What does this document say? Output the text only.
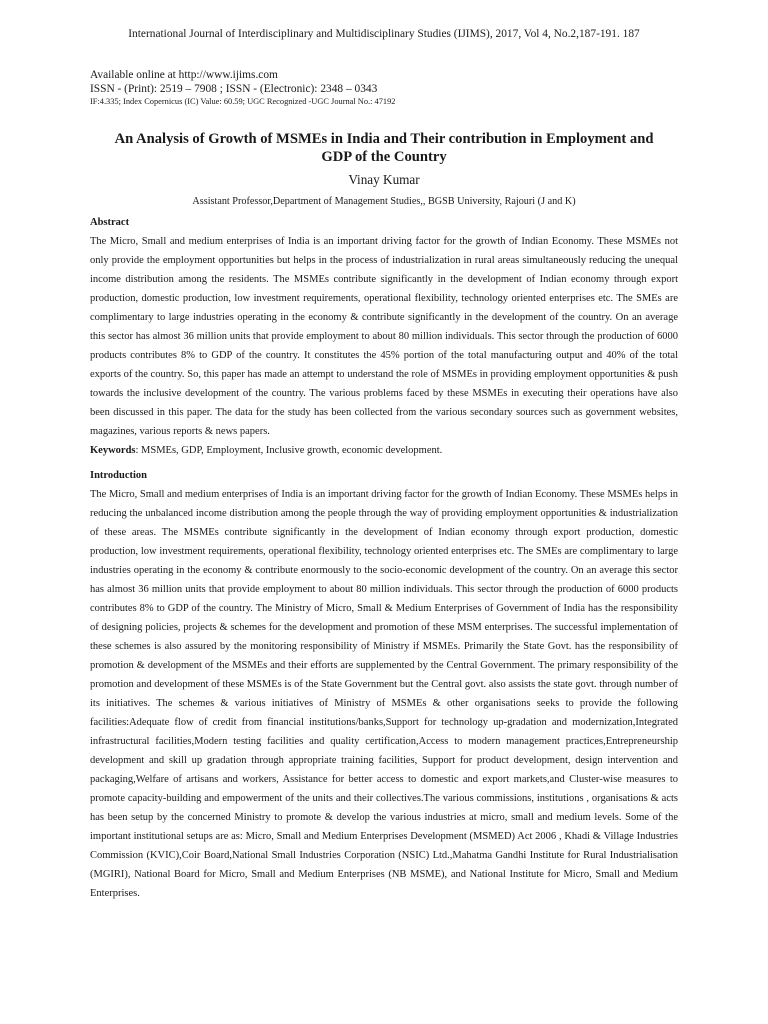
International Journal of Interdisciplinary and Multidisciplinary Studies (IJIMS), 2017, Vol 4, No.2,187-191. 187
Available online at http://www.ijims.com
ISSN - (Print): 2519 – 7908 ; ISSN - (Electronic): 2348 – 0343
IF:4.335; Index Copernicus (IC) Value: 60.59; UGC Recognized -UGC Journal No.: 47192
An Analysis of Growth of MSMEs in India and Their contribution in Employment and
GDP of the Country
Vinay Kumar
Assistant Professor,Department of Management Studies,, BGSB University, Rajouri (J and K)

Abstract

The Micro, Small and medium enterprises of India is an important driving factor for the growth of Indian Economy. These MSMEs not only provide the employment opportunities but helps in the process of industrialization in rural areas simultaneously reducing the unequal income distribution among the residents. The MSMEs contribute significantly in the development of Indian economy through export production, domestic production, low investment requirements, operational flexibility, technology oriented enterprises etc. The SMEs are complimentary to large industries operating in the economy & contribute significantly in the development of the country. On an average this sector has almost 36 million units that provide employment to about 80 million individuals. This sector through the production of 6000 products contributes 8% to GDP of the country. It constitutes the 45% portion of the total manufacturing output and 40% of the total exports of the country. So, this paper has made an attempt to understand the role of MSMEs in providing employment opportunities & push towards the inclusive development of the country. The various problems faced by these MSMEs in executing their operations have also been discussed in this paper. The data for the study has been collected from the various secondary sources such as government websites, magazines, various reports & news papers.

Keywords: MSMEs, GDP, Employment, Inclusive growth, economic development.

Introduction

The Micro, Small and medium enterprises of India is an important driving factor for the growth of Indian Economy. These MSMEs helps in reducing the unbalanced income distribution among the people through the way of providing employment opportunities & industrialization of these areas. The MSMEs contribute significantly in the development of Indian economy through export production, domestic production, low investment requirements, operational flexibility, technology oriented enterprises etc. The SMEs are complimentary to large industries operating in the economy & contribute enormously to the socio-economic development of the country. On an average this sector has almost 36 million units that provide employment to about 80 million individuals. This sector through the production of 6000 products contributes 8% to GDP of the country. The Ministry of Micro, Small & Medium Enterprises of Government of India has the responsibility of designing policies, projects & schemes for the development and promotion of these MSM enterprises. The successful implementation of these schemes is also assured by the monitoring responsibility of Ministry if MSMEs. Primarily the State Govt. has the responsibility of promotion & development of the MSMEs and their efforts are supplemented by the Central Government. The primary responsibility of the promotion and development of these MSMEs is of the State Government but the Central govt. also assists the state govt. through number of its initiatives. The schemes & various initiatives of Ministry of MSMEs & other organisations seeks to provide the following facilities:Adequate flow of credit from financial institutions/banks,Support for technology up-gradation and modernization,Integrated infrastructural facilities,Modern testing facilities and quality certification,Access to modern management practices,Entrepreneurship development and skill up gradation through appropriate training facilities, Support for product development, design intervention and packaging,Welfare of artisans and workers, Assistance for better access to domestic and export markets,and Cluster-wise measures to promote capacity-building and empowerment of the units and their collectives.The various commissions, institutions , organisations & acts has been setup by the concerned Ministry to promote & develop the various industries at micro, small and medium levels. Some of the important institutional setups are as: Micro, Small and Medium Enterprises Development (MSMED) Act 2006 , Khadi & Village Industries Commission (KVIC),Coir Board,National Small Industries Corporation (NSIC) Ltd.,Mahatma Gandhi Institute for Rural Industrialisation (MGIRI), National Board for Micro, Small and Medium Enterprises (NB MSME), and National Institute for Micro, Small and Medium Enterprises.
